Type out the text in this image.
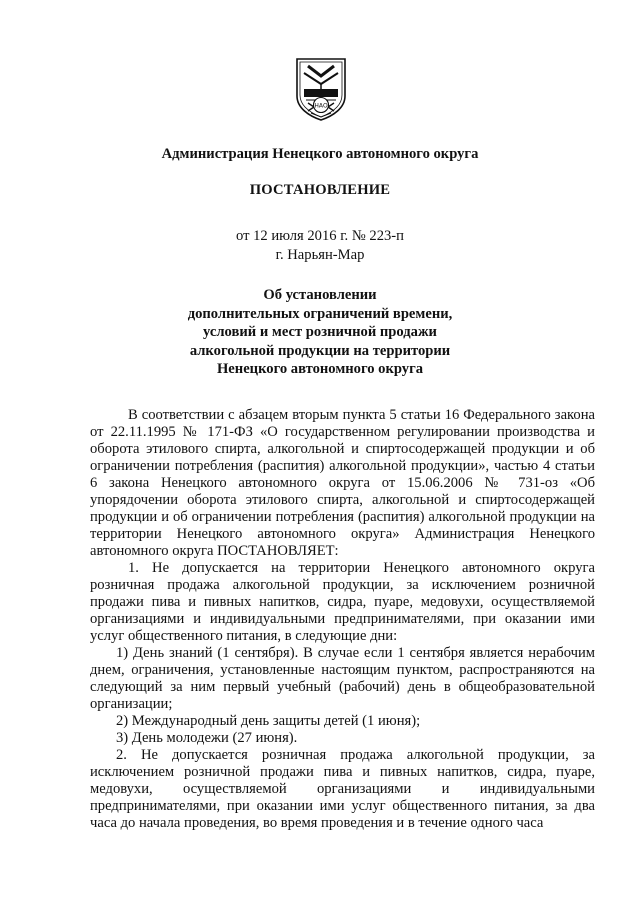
НАО
Администрация Ненецкого автономного округа
ПОСТАНОВЛЕНИЕ
от 12 июля 2016 г. № 223-п
г. Нарьян-Мар
Об установлении
дополнительных ограничений времени,
условий и мест розничной продажи
алкогольной продукции на территории
Ненецкого автономного округа

В соответствии с абзацем вторым пункта 5 статьи 16 Федерального закона от 22.11.1995 № 171-ФЗ «О государственном регулировании производства и оборота этилового спирта, алкогольной и спиртосодержащей продукции и об ограничении потребления (распития) алкогольной продукции», частью 4 статьи 6 закона Ненецкого автономного округа от 15.06.2006 № 731-оз «Об упорядочении оборота этилового спирта, алкогольной и спиртосодержащей продукции и об ограничении потребления (распития) алкогольной продукции на территории Ненецкого автономного округа» Администрация Ненецкого автономного округа ПОСТАНОВЛЯЕТ:

1. Не допускается на территории Ненецкого автономного округа розничная продажа алкогольной продукции, за исключением розничной продажи пива и пивных напитков, сидра, пуаре, медовухи, осуществляемой организациями и индивидуальными предпринимателями, при оказании ими услуг общественного питания, в следующие дни:

1) День знаний (1 сентября). В случае если 1 сентября является нерабочим днем, ограничения, установленные настоящим пунктом, распространяются на следующий за ним первый учебный (рабочий) день в общеобразовательной организации;

2) Международный день защиты детей (1 июня);

3) День молодежи (27 июня).

2. Не допускается розничная продажа алкогольной продукции, за исключением розничной продажи пива и пивных напитков, сидра, пуаре, медовухи, осуществляемой организациями и индивидуальными предпринимателями, при оказании ими услуг общественного питания, за два часа до начала проведения, во время проведения и в течение одного часа
